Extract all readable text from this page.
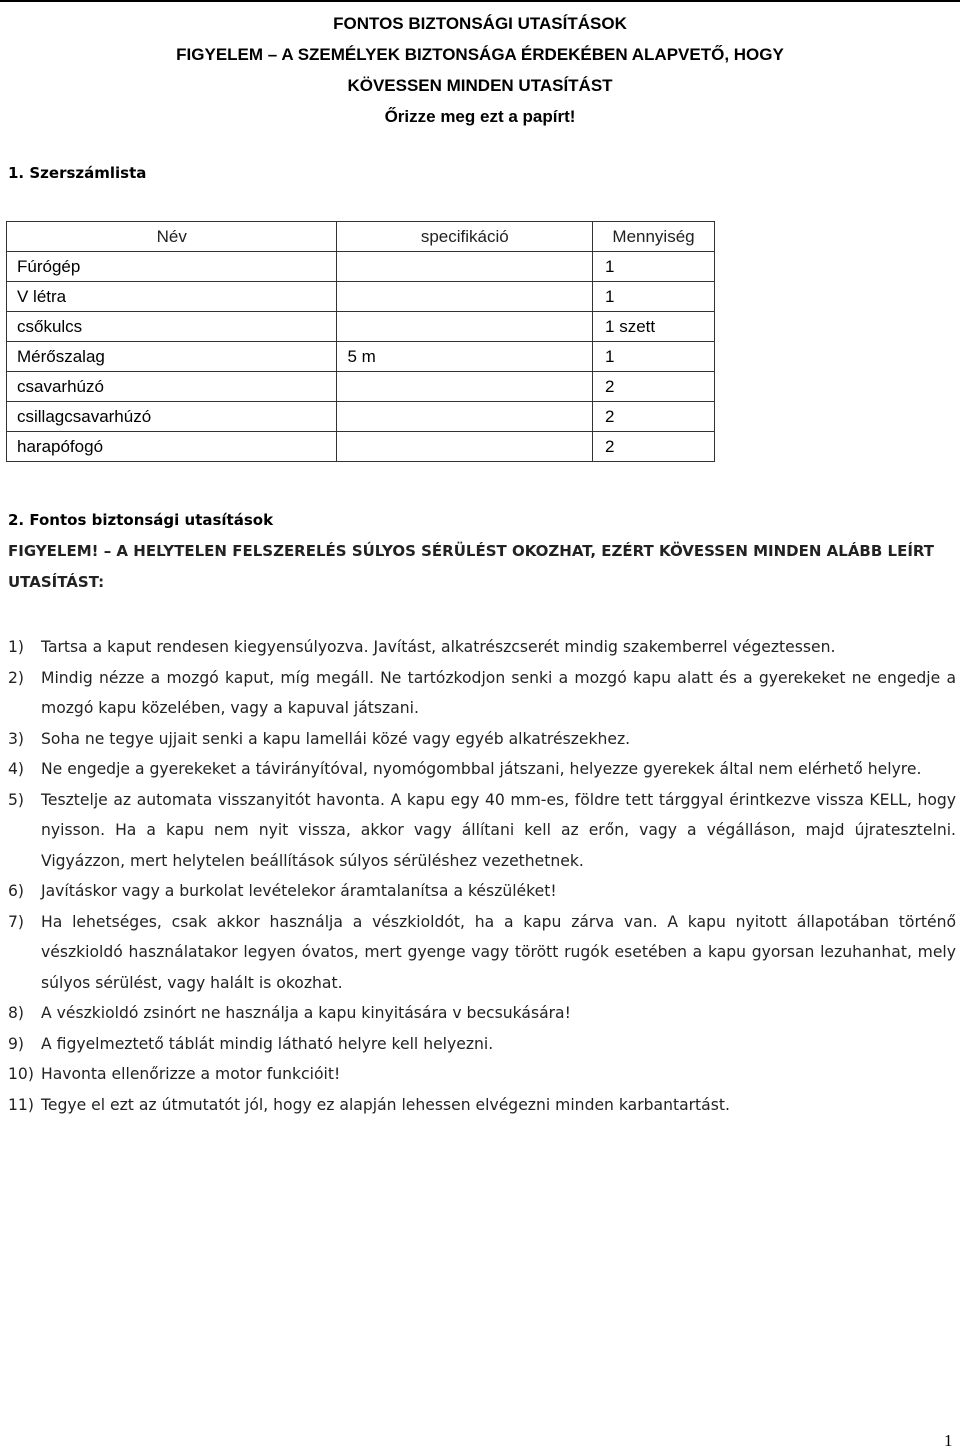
FONTOS BIZTONSÁGI UTASÍTÁSOK
FIGYELEM – A SZEMÉLYEK BIZTONSÁGA ÉRDEKÉBEN ALAPVETŐ, HOGY
KÖVESSEN MINDEN UTASÍTÁST
Őrizze meg ezt a papírt!
1. Szerszámlista
Név	specifikáció	Mennyiség
Fúrógép		1
V létra		1
csőkulcs		1 szett
Mérőszalag	5 m	1
csavarhúzó		2
csillagcsavarhúzó		2
harapófogó		2
2. Fontos biztonsági utasítások
FIGYELEM! – A HELYTELEN FELSZERELÉS SÚLYOS SÉRÜLÉST OKOZHAT, EZÉRT KÖVESSEN MINDEN ALÁBB LEÍRT UTASÍTÁST:
1) Tartsa a kaput rendesen kiegyensúlyozva. Javítást, alkatrészcserét mindig szakemberrel végeztessen.
2) Mindig nézze a mozgó kaput, míg megáll. Ne tartózkodjon senki a mozgó kapu alatt és a gyerekeket ne engedje a mozgó kapu közelében, vagy a kapuval játszani.
3) Soha ne tegye ujjait senki a kapu lamellái közé vagy egyéb alkatrészekhez.
4) Ne engedje a gyerekeket a távirányítóval, nyomógombbal játszani, helyezze gyerekek által nem elérhető helyre.
5) Tesztelje az automata visszanyitót havonta. A kapu egy 40 mm-es, földre tett tárggyal érintkezve vissza KELL, hogy nyisson. Ha a kapu nem nyit vissza, akkor vagy állítani kell az erőn, vagy a végálláson, majd újratesztelni. Vigyázzon, mert helytelen beállítások súlyos sérüléshez vezethetnek.
6) Javításkor vagy a burkolat levételekor áramtalanítsa a készüléket!
7) Ha lehetséges, csak akkor használja a vészkioldót, ha a kapu zárva van. A kapu nyitott állapotában történő vészkioldó használatakor legyen óvatos, mert gyenge vagy törött rugók esetében a kapu gyorsan lezuhanhat, mely súlyos sérülést, vagy halált is okozhat.
8) A vészkioldó zsinórt ne használja a kapu kinyitására v becsukására!
9) A figyelmeztető táblát mindig látható helyre kell helyezni.
10) Havonta ellenőrizze a motor funkcióit!
11) Tegye el ezt az útmutatót jól, hogy ez alapján lehessen elvégezni minden karbantartást.
1
